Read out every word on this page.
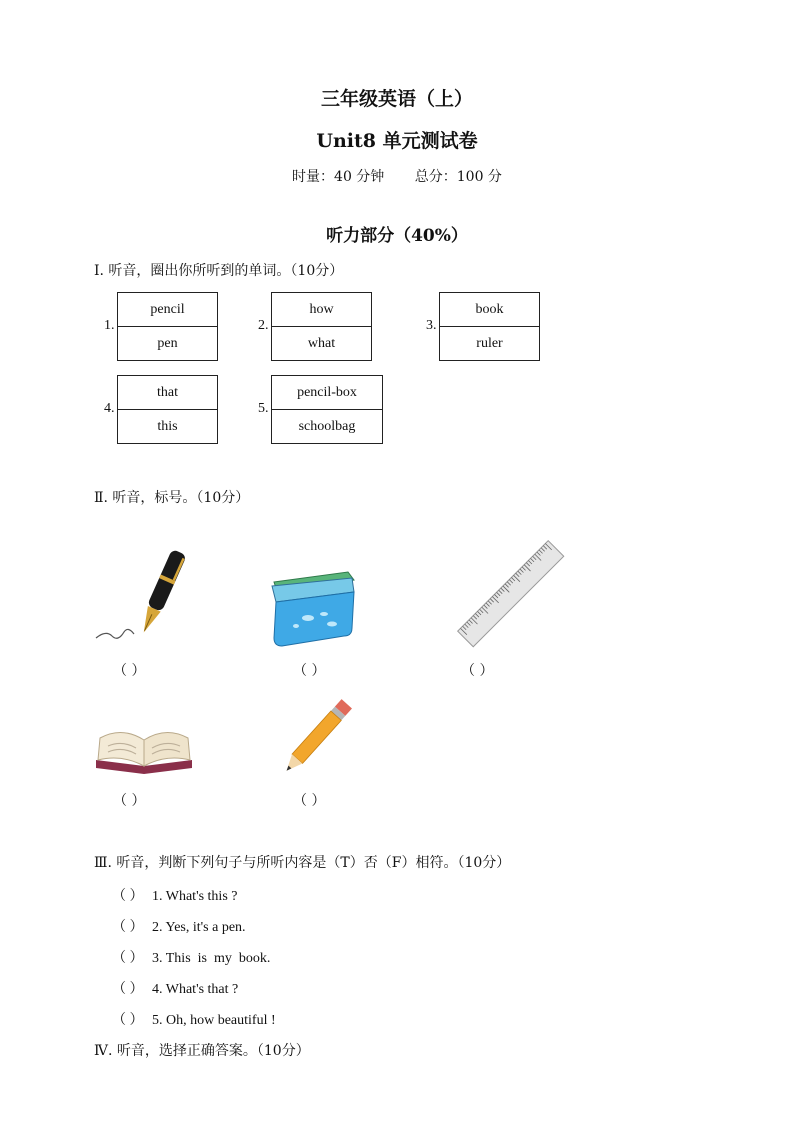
三年级英语（上）
Unit8 单元测试卷
时量：40 分钟 总分：100 分
听力部分（40%）
Ⅰ. 听音，圈出你所听到的单词。（10分）
1.
pencil
pen
2.
how
what
3.
book
ruler
4.
that
this
5.
pencil-box
schoolbag
Ⅱ. 听音，标号。（10分）
（ ）	（ ）	（ ）
（ ）	（ ）
Ⅲ. 听音，判断下列句子与所听内容是（T）否（F）相符。（10分）
（ ） 1. What's this ?
（ ） 2. Yes, it's a pen.
（ ） 3. This  is  my  book.
（ ） 4. What's that ?
（ ） 5. Oh, how beautiful !
Ⅳ. 听音，选择正确答案。（10分）
